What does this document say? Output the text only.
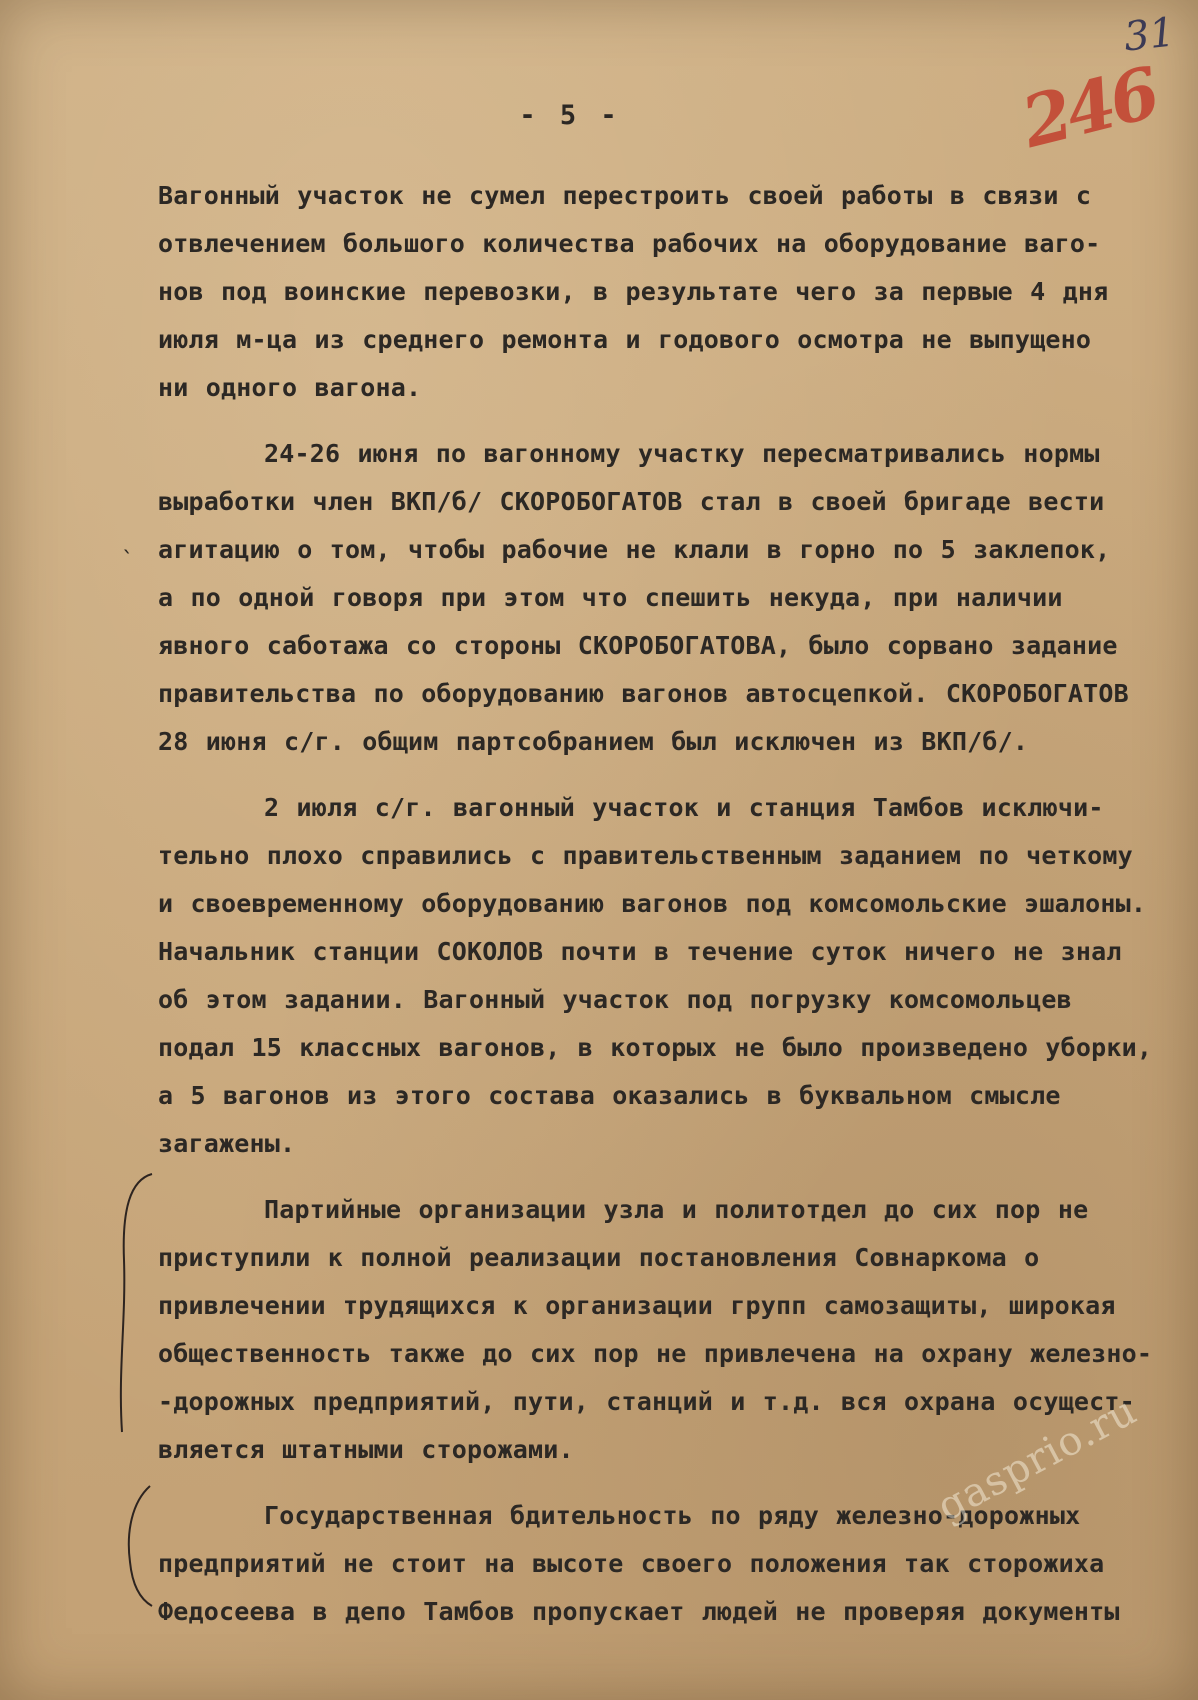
31
246
- 5 -
ˎ
Вагонный участок не сумел перестроить своей работы в связи с
отвлечением большого количества рабочих на оборудование ваго-
нов под воинские перевозки, в результате чего за первые 4 дня
июля м-ца из среднего ремонта и годового осмотра не выпущено
ни одного вагона.
24-26 июня по вагонному участку пересматривались нормы
выработки член ВКП/б/ СКОРОБОГАТОВ стал в своей бригаде вести
агитацию о том, чтобы рабочие не клали в горно по 5 заклепок,
а по одной говоря при этом что спешить некуда, при наличии
явного саботажа со стороны СКОРОБОГАТОВА, было сорвано задание
правительства по оборудованию вагонов автосцепкой. СКОРОБОГАТОВ
28 июня с/г. общим партсобранием был исключен из ВКП/б/.
2 июля с/г. вагонный участок и станция Тамбов исключи-
тельно плохо справились с правительственным заданием по четкому
и своевременному оборудованию вагонов под комсомольские эшалоны.
Начальник станции СОКОЛОВ почти в течение суток ничего не знал
об этом задании. Вагонный участок под погрузку комсомольцев
подал 15 классных вагонов, в которых не было произведено уборки,
а 5 вагонов из этого состава оказались в буквальном смысле
загажены.
Партийные организации узла и политотдел до сих пор не
приступили к полной реализации постановления Совнаркома о
привлечении трудящихся к организации групп самозащиты, широкая
общественность также до сих пор не привлечена на охрану железно-
-дорожных предприятий, пути, станций и т.д. вся охрана осущест-
вляется штатными сторожами.
Государственная бдительность по ряду железно-дорожных
предприятий не стоит на высоте своего положения так сторожиха
Федосеева в депо Тамбов пропускает людей не проверяя документы
gasprio.ru
